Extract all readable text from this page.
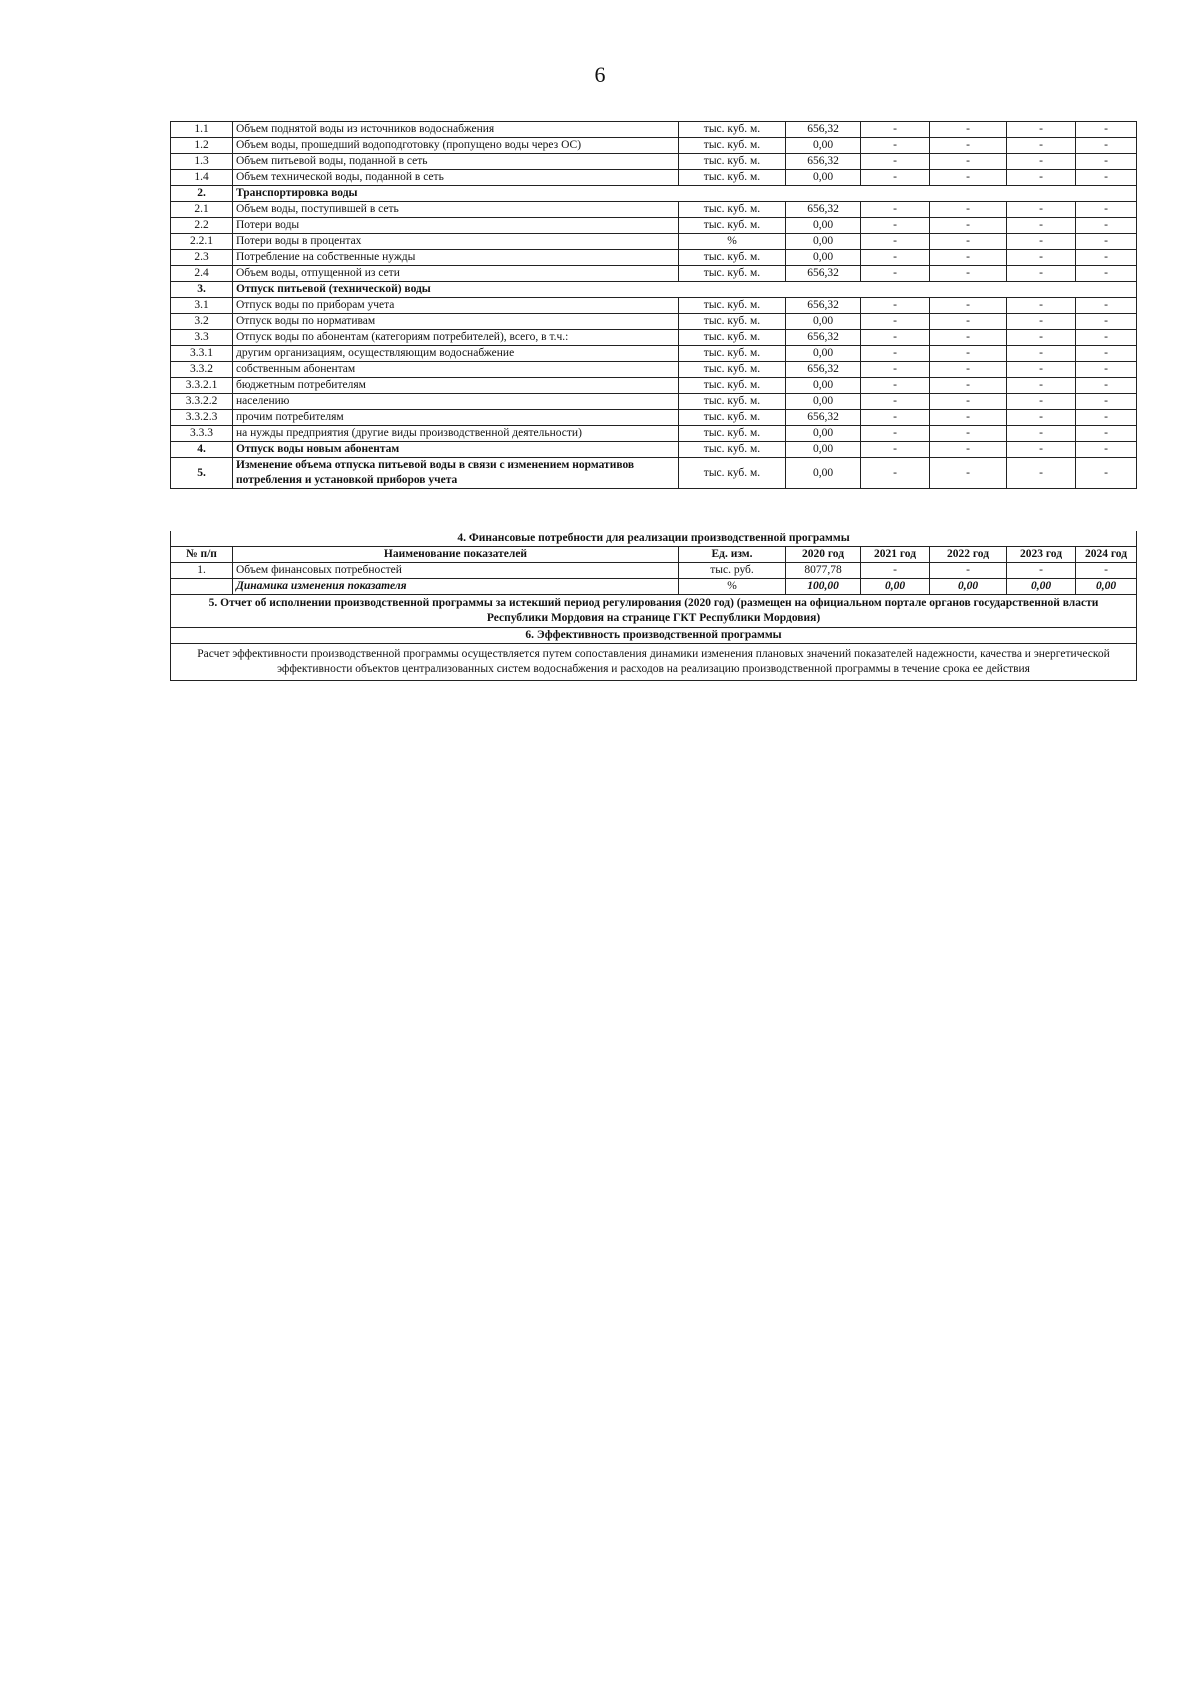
6
1.1	Объем поднятой воды из источников водоснабжения	тыс. куб. м.	656,32	-	-	-	-
1.2	Объем воды, прошедший водоподготовку (пропущено воды через ОС)	тыс. куб. м.	0,00	-	-	-	-
1.3	Объем питьевой воды, поданной в сеть	тыс. куб. м.	656,32	-	-	-	-
1.4	Объем технической воды, поданной в сеть	тыс. куб. м.	0,00	-	-	-	-
2.	Транспортировка воды						
2.1	Объем воды, поступившей в сеть	тыс. куб. м.	656,32	-	-	-	-
2.2	Потери воды	тыс. куб. м.	0,00	-	-	-	-
2.2.1	Потери воды в процентах	%	0,00	-	-	-	-
2.3	Потребление на собственные нужды	тыс. куб. м.	0,00	-	-	-	-
2.4	Объем воды, отпущенной из сети	тыс. куб. м.	656,32	-	-	-	-
3.	Отпуск питьевой (технической) воды						
3.1	Отпуск воды по приборам учета	тыс. куб. м.	656,32	-	-	-	-
3.2	Отпуск воды по нормативам	тыс. куб. м.	0,00	-	-	-	-
3.3	Отпуск воды по абонентам (категориям потребителей), всего, в т.ч.:	тыс. куб. м.	656,32	-	-	-	-
3.3.1	другим организациям, осуществляющим водоснабжение	тыс. куб. м.	0,00	-	-	-	-
3.3.2	собственным абонентам	тыс. куб. м.	656,32	-	-	-	-
3.3.2.1	бюджетным потребителям	тыс. куб. м.	0,00	-	-	-	-
3.3.2.2	населению	тыс. куб. м.	0,00	-	-	-	-
3.3.2.3	прочим потребителям	тыс. куб. м.	656,32	-	-	-	-
3.3.3	на нужды предприятия (другие виды производственной деятельности)	тыс. куб. м.	0,00	-	-	-	-
4.	Отпуск воды новым абонентам	тыс. куб. м.	0,00	-	-	-	-
5.	Изменение объема отпуска питьевой воды в связи с изменением нормативов потребления и установкой приборов учета	тыс. куб. м.	0,00	-	-	-	-
4. Финансовые потребности для реализации производственной программы							
№ п/п	Наименование показателей	Ед. изм.	2020 год	2021 год	2022 год	2023 год	2024 год
1.	Объем финансовых потребностей	тыс. руб.	8077,78	-	-	-	-
	Динамика изменения показателя	%	100,00	0,00	0,00	0,00	0,00
5. Отчет об исполнении производственной программы за истекший период регулирования (2020 год) (размещен на официальном портале органов государственной власти Республики Мордовия на странице ГКТ Республики Мордовия)							
6. Эффективность производственной программы							
Расчет эффективности производственной программы осуществляется путем сопоставления динамики изменения плановых значений показателей надежности, качества и энергетической эффективности объектов централизованных систем водоснабжения и расходов на реализацию производственной программы в течение срока ее действия							
